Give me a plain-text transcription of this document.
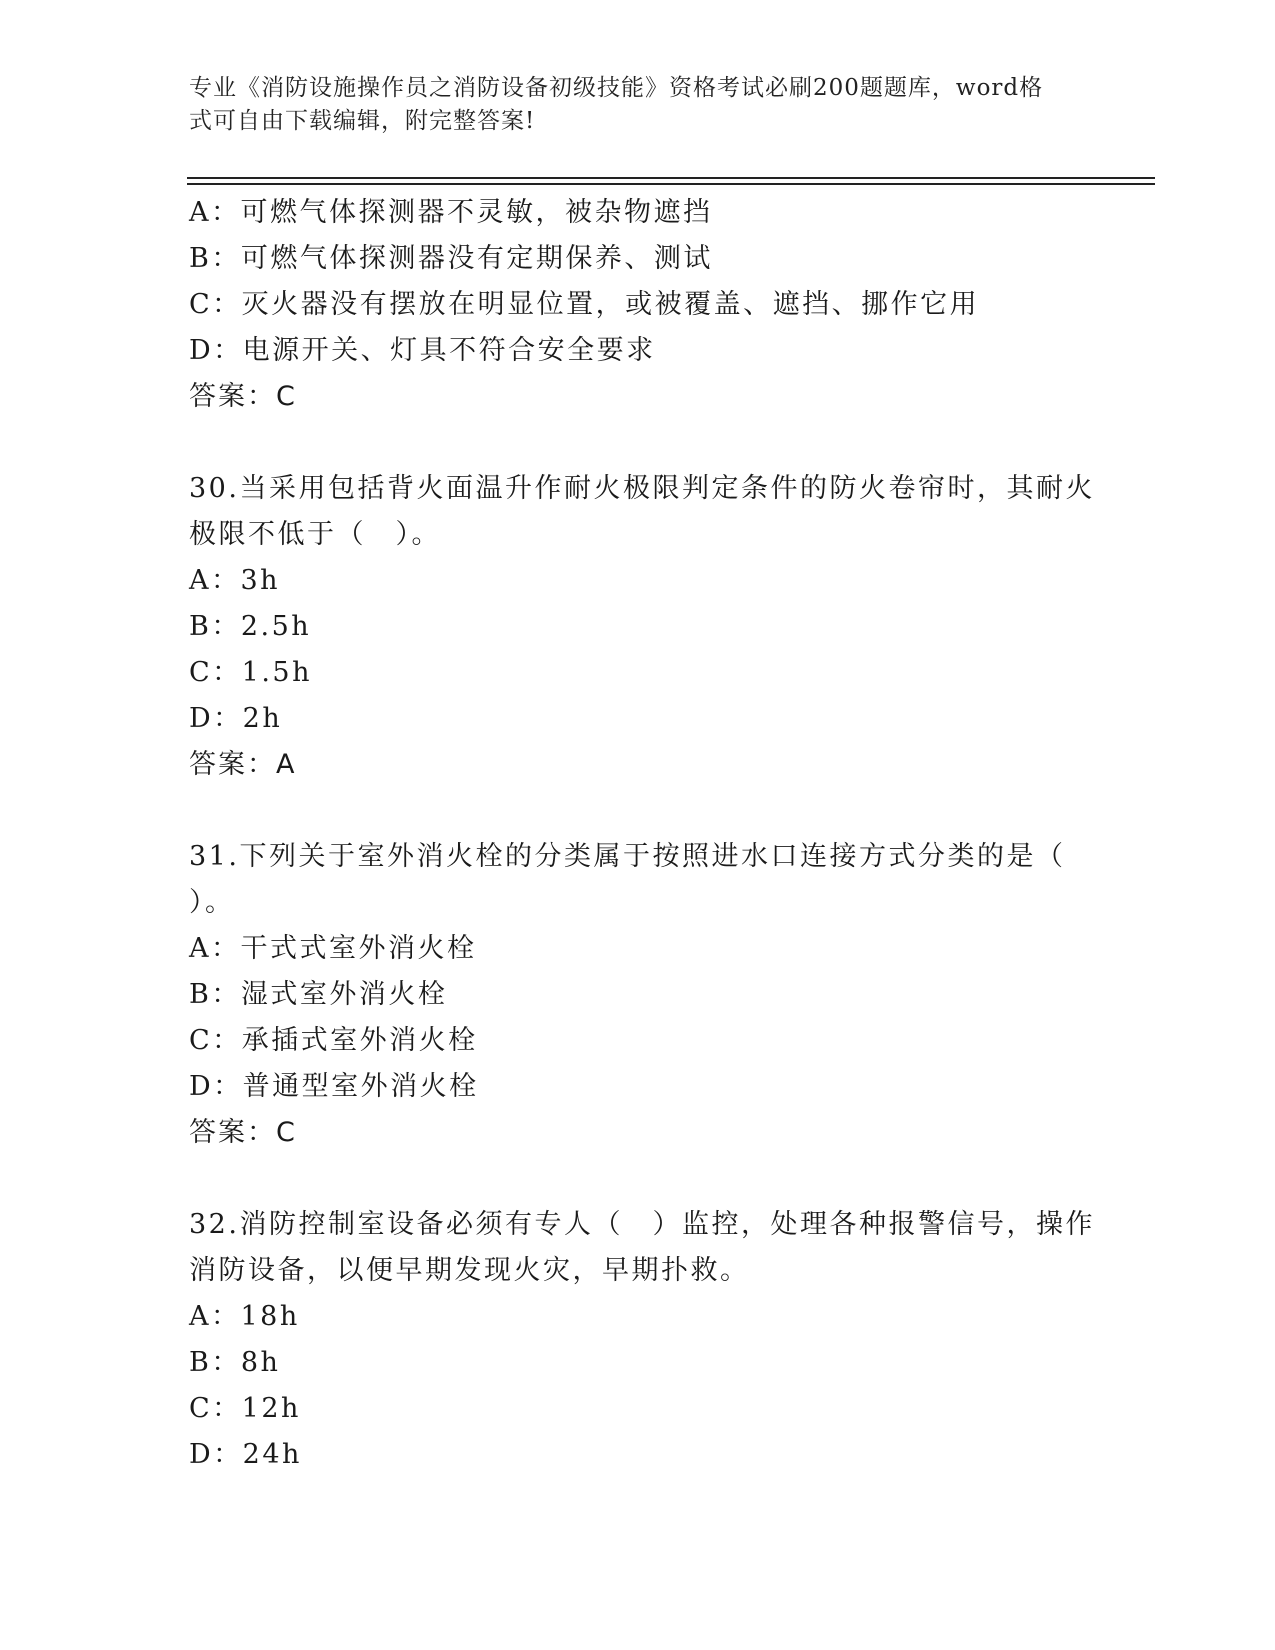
专业《消防设施操作员之消防设备初级技能》资格考试必刷200题题库，word格
式可自由下载编辑，附完整答案!
A：可燃气体探测器不灵敏，被杂物遮挡
B：可燃气体探测器没有定期保养、测试
C：灭火器没有摆放在明显位置，或被覆盖、遮挡、挪作它用
D：电源开关、灯具不符合安全要求
答案：C
30.当采用包括背火面温升作耐火极限判定条件的防火卷帘时，其耐火
极限不低于（　）。
A：3h
B：2.5h
C：1.5h
D：2h
答案：A
31.下列关于室外消火栓的分类属于按照进水口连接方式分类的是（
）。
A：干式式室外消火栓
B：湿式室外消火栓
C：承插式室外消火栓
D：普通型室外消火栓
答案：C
32.消防控制室设备必须有专人（　）监控，处理各种报警信号，操作
消防设备，以便早期发现火灾，早期扑救。
A：18h
B：8h
C：12h
D：24h
